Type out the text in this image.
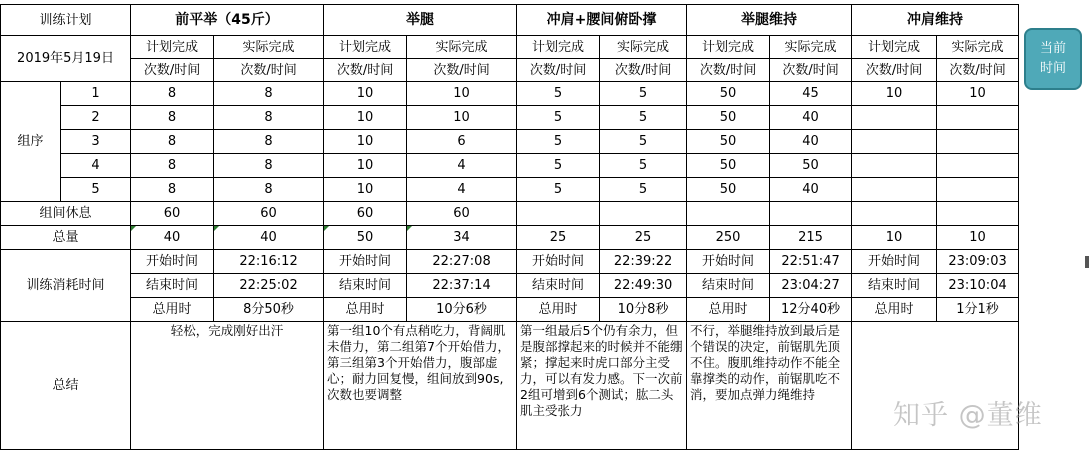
训练计划		前平举（45斤）		举腿		冲肩+腰间俯卧撑		举腿维持		冲肩维持	
2019年5月19日		计划完成	实际完成	计划完成	实际完成	计划完成	实际完成	计划完成	实际完成	计划完成	实际完成
		次数/时间	次数/时间	次数/时间	次数/时间	次数/时间	次数/时间	次数/时间	次数/时间	次数/时间	次数/时间
组序	1	8	8	10	10	5	5	50	45	10	10
	2	8	8	10	10	5	5	50	40		
	3	8	8	10	6	5	5	50	40		
	4	8	8	10	4	5	5	50	50		
	5	8	8	10	4	5	5	50	40		
组间休息		60	60	60	60						
总量		40	40	50	34	25	25	250	215	10	10
训练消耗时间		开始时间	22:16:12	开始时间	22:27:08	开始时间	22:39:22	开始时间	22:51:47	开始时间	23:09:03
		结束时间	22:25:02	结束时间	22:37:14	结束时间	22:49:30	结束时间	23:04:27	结束时间	23:10:04
		总用时	8分50秒	总用时	10分6秒	总用时	10分8秒	总用时	12分40秒	总用时	1分1秒
总结		轻松，完成刚好出汗		第一组10个有点稍吃力，背阔肌未借力，第二组第7个开始借力，第三组第3个开始借力，腹部虚心；耐力回复慢，组间放到90s,次数也要调整		第一组最后5个仍有余力，但是腹部撑起来的时候并不能绷紧；撑起来时虎口部分主受力，可以有发力感。下一次前2组可增到6个测试；肱二头肌主受张力		不行，举腿维持放到最后是个错误的决定，前锯肌先顶不住。腹肌维持动作不能全靠撑类的动作，前锯肌吃不消，要加点弹力绳维持			
当前
时间
知乎 @董维
